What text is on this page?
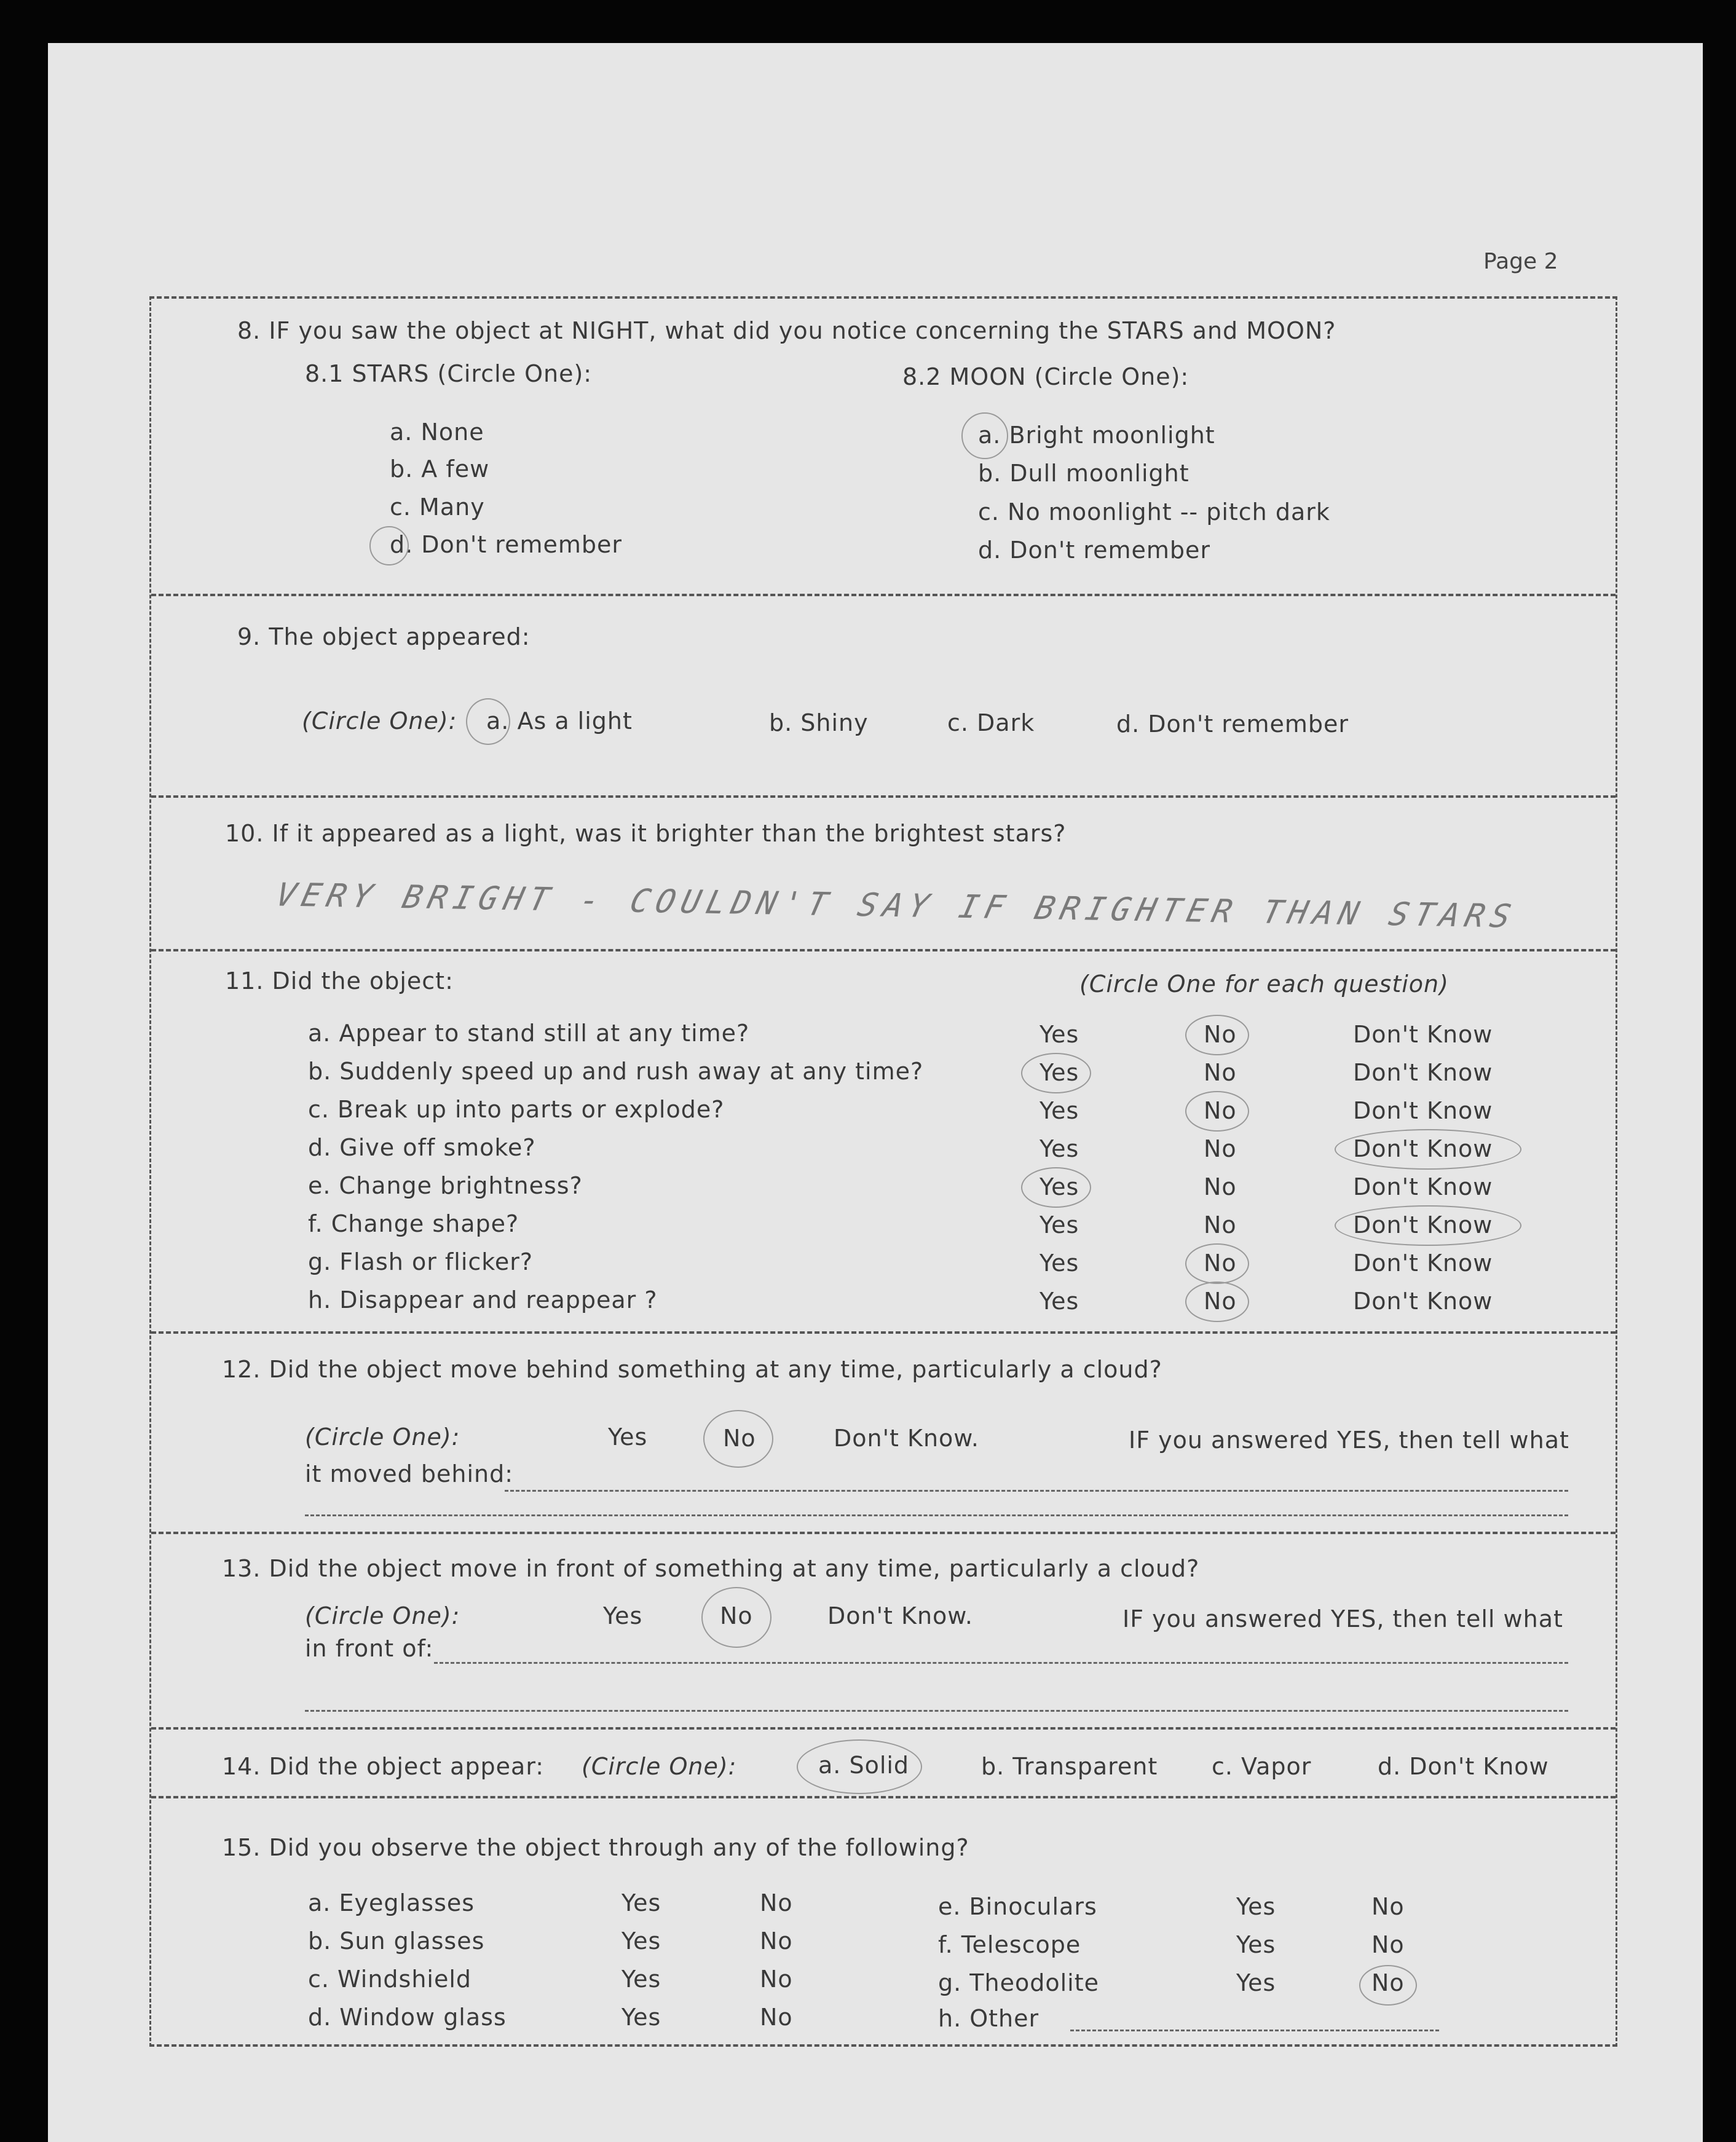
Page 2
8. IF you saw the object at NIGHT, what did you notice concerning the STARS and MOON?
8.1 STARS (Circle One):	8.2 MOON (Circle One):
a. None
b. A few
c. Many
d. Don't remember
a. Bright moonlight
b. Dull moonlight
c. No moonlight -- pitch dark
d. Don't remember
9. The object appeared:
(Circle One): a. As a light	b. Shiny	c. Dark	d. Don't remember
10. If it appeared as a light, was it brighter than the brightest stars?
VERY BRIGHT - COULDN'T SAY IF BRIGHTER THAN STARS
11. Did the object:	(Circle One for each question)
a. Appear to stand still at any time?	Yes	No	Don't Know
b. Suddenly speed up and rush away at any time?	Yes	No	Don't Know
c. Break up into parts or explode?	Yes	No	Don't Know
d. Give off smoke?	Yes	No	Don't Know
e. Change brightness?	Yes	No	Don't Know
f. Change shape?	Yes	No	Don't Know
g. Flash or flicker?	Yes	No	Don't Know
h. Disappear and reappear ?	Yes	No	Don't Know
12. Did the object move behind something at any time, particularly a cloud?
(Circle One):	Yes	No	Don't Know.	IF you answered YES, then tell what
it moved behind:
13. Did the object move in front of something at any time, particularly a cloud?
(Circle One):	Yes	No	Don't Know.	IF you answered YES, then tell what
in front of:
14. Did the object appear: (Circle One):	a. Solid	b. Transparent c. Vapor	d. Don't Know
15. Did you observe the object through any of the following?
a. Eyeglasses	Yes	No
b. Sun glasses	Yes	No
c. Windshield	Yes	No
d. Window glass	Yes	No
e. Binoculars	Yes	No
f. Telescope	Yes	No
g. Theodolite	Yes	No
h. Other
